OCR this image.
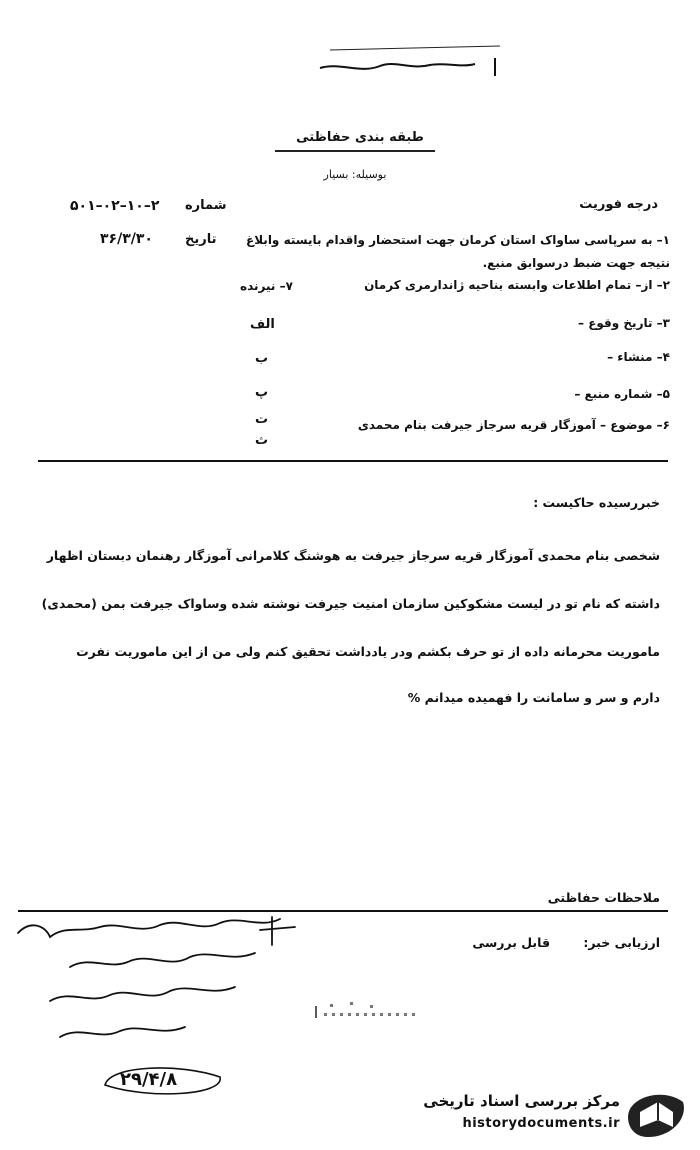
طبقه بندی حفاظتی
بوسیله: بسیار
درجه فوریت
شماره
۵۰۱–۰۲–۱۰–۲
۱– به سرپاسی ساواک استان کرمان جهت استحضار واقدام بایسته وابلاغ
تاریخ
۳۶/۳/۳۰
نتیجه جهت ضبط درسوابق منبع.
۲– از– تمام اطلاعات وابسته بناحیه ژاندارمری کرمان
۷– نیرنده
۳– تاریخ وقوع –
۴– منشاء –
۵– شماره منبع –
۶– موضوع – آموزگار قریه سرجاز جیرفت بنام محمدی
الف
ب
پ
ت
ث
خبررسیده حاکیست :
شخصی بنام محمدی آموزگار قریه سرجاز جیرفت به هوشنگ کلامرانی آموزگار رهنمان دبستان اظهار
داشته که نام تو در لیست مشکوکین سازمان امنیت جیرفت نوشته شده وساواک جیرفت بمن (محمدی)
ماموریت محرمانه داده از تو حرف بکشم ودر یادداشت تحقیق کنم ولی من از این ماموریت نفرت
دارم و سر و سامانت را فهمیده میدانم %
ملاحظات حفاظتی
ارزیابی خبر:
قابل بررسی
۲۹/۴/۸
مرکز بررسی اسناد تاریخی
historydocuments.ir
